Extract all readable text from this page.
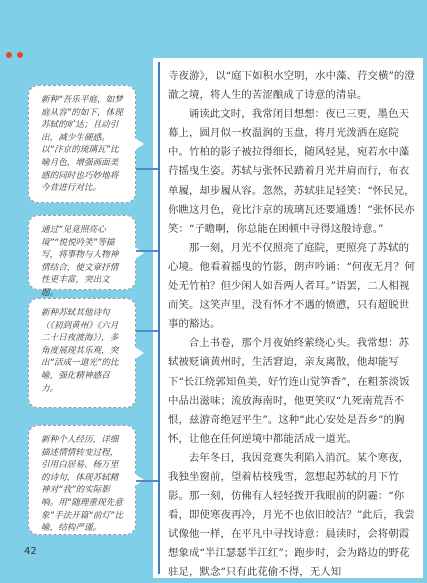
寺夜游》，以“庭下如积水空明，水中藻、荇交横”的澄澈之境，将人生的苦涩酿成了诗意的清泉。

诵读此文时，我常闭目想想：夜已三更，墨色天幕上，圆月似一枚温润的玉盘，将月光泼洒在庭院中。竹柏的影子被拉得细长，随风轻晃，宛若水中藻荇摇曳生姿。苏轼与张怀民踏着月光并肩而行，布衣单履，却步履从容。忽然，苏轼驻足轻笑：“怀民兄，你瞧这月色，竟比汴京的琉璃瓦还要通透！”张怀民亦笑：“子瞻啊，你总能在困顿中寻得这般诗意。”

那一刻，月光不仅照亮了庭院，更照亮了苏轼的心境。他看着摇曳的竹影，朗声吟诵：“何夜无月？何处无竹柏？但少闲人如吾两人者耳。”语罢，二人相视而笑。这笑声里，没有怀才不遇的愤懑，只有超脱世事的豁达。

合上书卷，那个月夜始终萦绕心头。我常想：苏轼被贬谪黄州时，生活窘迫，亲友离散，他却能写下“长江绕郭知鱼美，好竹连山觉笋香”，在粗茶淡饭中品出滋味；流放海南时，他更笑叹“九死南荒吾不恨，兹游奇绝冠平生”。这种“此心安处是吾乡”的胸怀，让他在任何逆境中都能活成一道光。

去年冬日，我因竞赛失利陷入消沉。某个寒夜，我独坐窗前，望着枯枝残雪，忽想起苏轼的月下竹影。那一刻，仿佛有人轻轻拨开我眼前的阴霾：“你看，即使寒夜再冷，月光不也依旧皎洁？”此后，我尝试像他一样，在平凡中寻找诗意：晨读时，会将朝霞想象成“半江瑟瑟半江红”；跑步时，会为路边的野花驻足，默念“只有此花偷不得，无人知

新种“吾乐平庭，如梦庭从容”的如下，体现苏轼的旷达；且动引出，减少生硬感。以“汴京的琉璃瓦”比喻月色，增强画面美感的同时也巧妙地将今昔进行对比。
通过“见竟照亮心境”“悦悦吟笑”等描写，将事物与人物神情结合，使文章抒情性更丰富，突出文题。
新种苏轼其他诗句（《初到黄州》《六月二十日夜渡海》），多角度展现其乐观，突出“活成一道光”的比喻，强化精神感召力。
新种个人经历，详细描述情情转变过程，引用白居易、杨万里的诗句，体现苏轼精神对“我”的实际影响。用“随理重现先意象”手法开篇“前灯”比喻，结构严谨。
42
